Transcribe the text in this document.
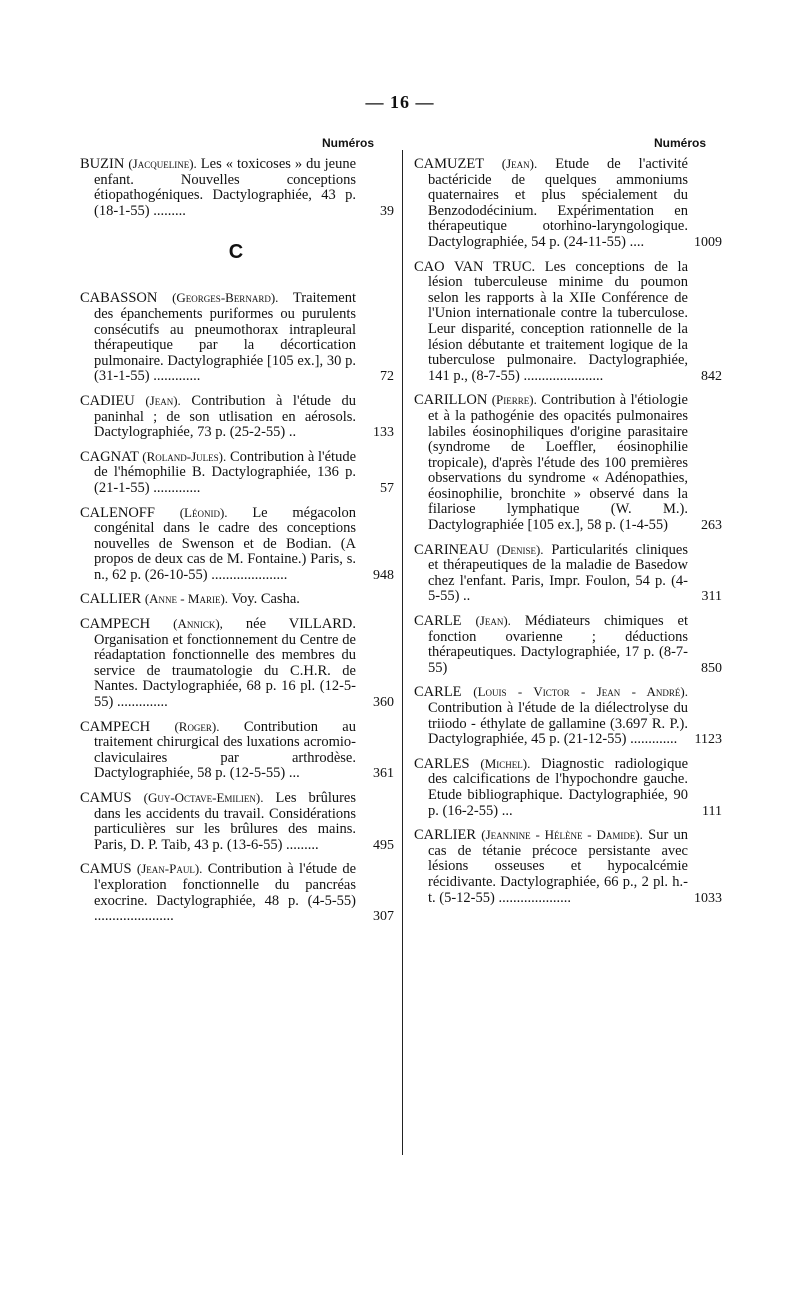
— 16 —
Numéros	Numéros
BUZIN (Jacqueline). Les « toxicoses » du jeune enfant. Nouvelles conceptions étiopathogéniques. Dactylographiée, 43 p. (18-1-55) .........	39
C
CABASSON (Georges-Bernard). Traitement des épanchements puriformes ou purulents consécutifs au pneumothorax intrapleural thérapeutique par la décortication pulmonaire. Dactylographiée [105 ex.], 30 p. (31-1-55) .............	72
CADIEU (Jean). Contribution à l'étude du paninhal ; de son utlisation en aérosols. Dactylographiée, 73 p. (25-2-55) ..	133
CAGNAT (Roland-Jules). Contribution à l'étude de l'hémophilie B. Dactylographiée, 136 p. (21-1-55) .............	57
CALENOFF (Léonid). Le mégacolon congénital dans le cadre des conceptions nouvelles de Swenson et de Bodian. (A propos de deux cas de M. Fontaine.) Paris, s. n., 62 p. (26-10-55) .....................	948
CALLIER (Anne - Marie). Voy. Casha.
CAMPECH (Annick), née VILLARD. Organisation et fonctionnement du Centre de réadaptation fonctionnelle des membres du service de traumatologie du C.H.R. de Nantes. Dactylographiée, 68 p. 16 pl. (12-5-55) ..............	360
CAMPECH (Roger). Contribution au traitement chirurgical des luxations acromio-claviculaires par arthrodèse. Dactylographiée, 58 p. (12-5-55) ...	361
CAMUS (Guy-Octave-Emilien). Les brûlures dans les accidents du travail. Considérations particulières sur les brûlures des mains. Paris, D. P. Taib, 43 p. (13-6-55) .........	495
CAMUS (Jean-Paul). Contribution à l'étude de l'exploration fonctionnelle du pancréas exocrine. Dactylographiée, 48 p. (4-5-55) ......................	307
CAMUZET (Jean). Etude de l'activité bactéricide de quelques ammoniums quaternaires et plus spécialement du Benzododécinium. Expérimentation en thérapeutique otorhino-laryngologique. Dactylographiée, 54 p. (24-11-55) ....	1009
CAO VAN TRUC. Les conceptions de la lésion tuberculeuse minime du poumon selon les rapports à la XIIe Conférence de l'Union internationale contre la tuberculose. Leur disparité, conception rationnelle de la lésion débutante et traitement logique de la tuberculose pulmonaire. Dactylographiée, 141 p., (8-7-55) ......................	842
CARILLON (Pierre). Contribution à l'étiologie et à la pathogénie des opacités pulmonaires labiles éosinophiliques d'origine parasitaire (syndrome de Loeffler, éosinophilie tropicale), d'après l'étude des 100 premières observations du syndrome « Adénopathies, éosinophilie, bronchite » observé dans la filariose lymphatique (W. M.). Dactylographiée [105 ex.], 58 p. (1-4-55) 263
CARINEAU (Denise). Particularités cliniques et thérapeutiques de la maladie de Basedow chez l'enfant. Paris, Impr. Foulon, 54 p. (4-5-55) ..	311
CARLE (Jean). Médiateurs chimiques et fonction ovarienne ; déductions thérapeutiques. Dactylographiée, 17 p. (8-7-55)	850
CARLE (Louis - Victor - Jean - André). Contribution à l'étude de la diélectrolyse du triiodo - éthylate de gallamine (3.697 R. P.). Dactylographiée, 45 p. (21-12-55) ............. 1123
CARLES (Michel). Diagnostic radiologique des calcifications de l'hypochondre gauche. Etude bibliographique. Dactylographiée, 90 p. (16-2-55) ...	111
CARLIER (Jeannine - Hélène - Damide). Sur un cas de tétanie précoce persistante avec lésions osseuses et hypocalcémie récidivante. Dactylographiée, 66 p., 2 pl. h.-t. (5-12-55) ....................	1033
